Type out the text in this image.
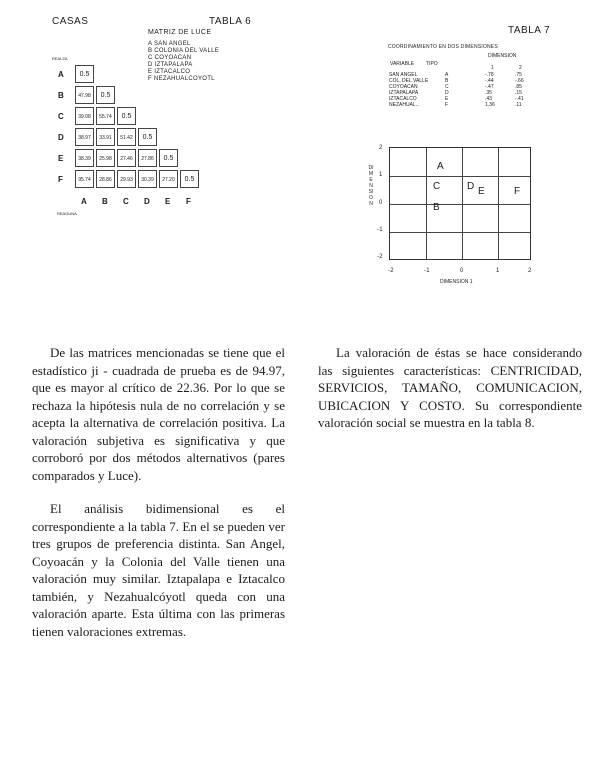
CASAS	TABLA 6
MATRIZ DE LUCE
A SAN ANGEL
B COLONIA DEL VALLE
C COYOACAN
D IZTAPALAPA
E IZTACALCO
F NEZAHUALCOYOTL
REALZA
A	0.5
B	47.98	0.5
C	39.08	55.74	0.5
D	38.97	33.91	51.42	0.5
E	38.39	25.98	27.46	27.86	0.5
F	95.74	28.86	29.93	30.39	27.20	0.5
A B C D E F
REAGUNA
TABLA 7
COORDINAMIENTO EN DOS DIMENSIONES
DIMENSION
VARIABLE TIPO
1	2
SAN ANGEL	A	-.78	.75
COL. DEL VALLE	B	-.44	-.66
COYOACAN	C	-.47	.85
IZTAPALAPA	D	.35	.15
IZTACALCO	E	.43	-.41
NEZAHUAL...	F	1.36	.11
A
C	D E	F
B
2
1
0
-1
-2
DIMENSION
-2	-1	0	1	2
DIMENSION 1

De las matrices mencionadas se tiene que el estadístico ji - cuadrada de prueba es de 94.97, que es mayor al crítico de 22.36. Por lo que se rechaza la hipótesis nula de no correlación y se acepta la alternativa de correlación positiva. La valoración subjetiva es significativa y que corroboró por dos métodos alternativos (pares comparados y Luce).

El análisis bidimensional es el correspondiente a la tabla 7. En el se pueden ver tres grupos de preferencia distinta. San Angel, Coyoacán y la Colonia del Valle tienen una valoración muy similar. Iztapalapa e Iztacalco también, y Nezahualcóyotl queda con una valoración aparte. Esta última con las primeras tienen valoraciones extremas.

La valoración de éstas se hace considerando las siguientes características: CENTRICIDAD, SERVICIOS, TAMAÑO, COMUNICACION, UBICACION Y COSTO. Su correspondiente valoración social se muestra en la tabla 8.
